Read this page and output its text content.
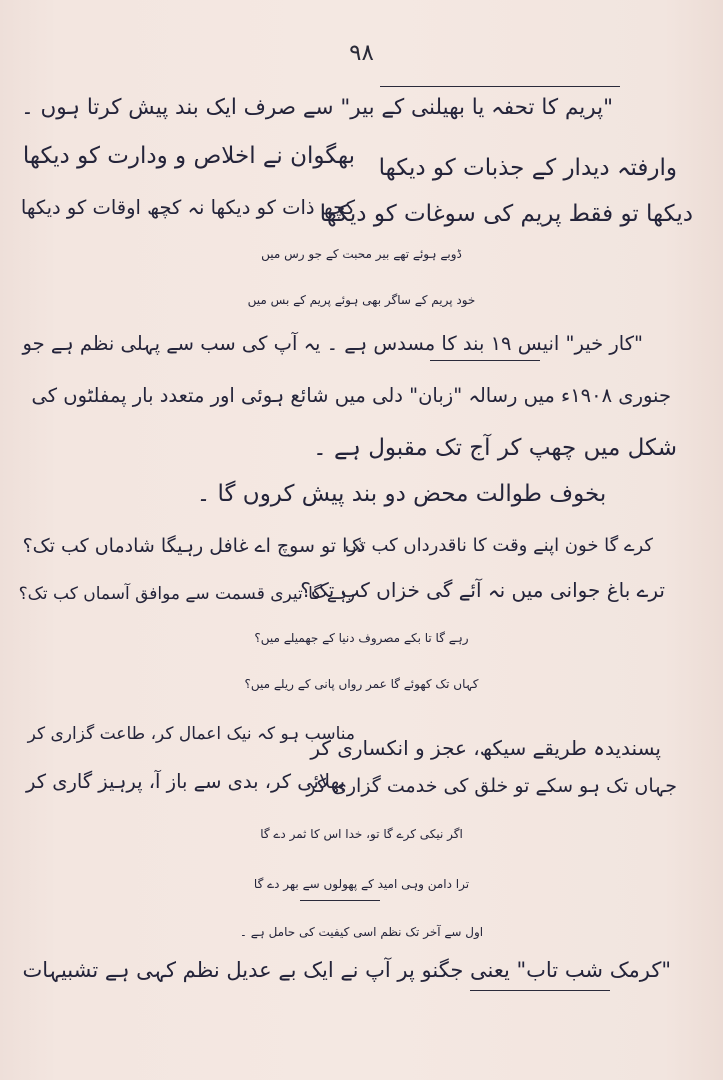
۹۸

"پریم کا تحفہ یا بھیلنی کے بیر" سے صرف ایک بند پیش کرتا ہوں ۔

بھگوان نے اخلاص و ودارت کو دیکھا وارفتہ دیدار کے جذبات کو دیکھا

کچھ ذات کو دیکھا نہ کچھ اوقات کو دیکھا

دیکھا تو فقط پریم کی سوغات کو دیکھا

ڈوبے ہوئے تھے بیر محبت کے جو رس میں

خود پریم کے ساگر بھی ہوئے پریم کے بس میں

"کار خیر" انیس ۱۹ بند کا مسدس ہے ۔ یہ آپ کی سب سے پہلی نظم ہے جو

جنوری ۱۹۰۸ء میں رسالہ "زبان" دلی میں شائع ہوئی اور متعدد بار پمفلٹوں کی

شکل میں چھپ کر آج تک مقبول ہے ۔

بخوف طوالت محض دو بند پیش کروں گا ۔

ذرا تو سوچ اے غافل رہیگا شادماں کب تک؟

کرے گا خون اپنے وقت کا ناقدرداں کب تک

ترے باغ جوانی میں نہ آئے گی خزاں کب تک؟

رہے گا تیری قسمت سے موافق آسماں کب تک؟

رہے گا تا بکے مصروف دنیا کے جھمیلے میں؟

کہاں تک کھوئے گا عمر رواں پانی کے ریلے میں؟

مناسب ہو کہ نیک اعمال کر، طاعت گزاری کر

پسندیدہ طریقے سیکھ، عجز و انکساری کر

بھلائی کر، بدی سے باز آ، پرہیز گاری کر

جہاں تک ہو سکے تو خلق کی خدمت گزاری کر

اگر نیکی کرے گا تو، خدا اس کا ثمر دے گا

ترا دامن وہی امید کے پھولوں سے بھر دے گا

اول سے آخر تک نظم اسی کیفیت کی حامل ہے ۔

"کرمک شب تاب" یعنی جگنو پر آپ نے ایک بے عدیل نظم کہی ہے تشبیہات
